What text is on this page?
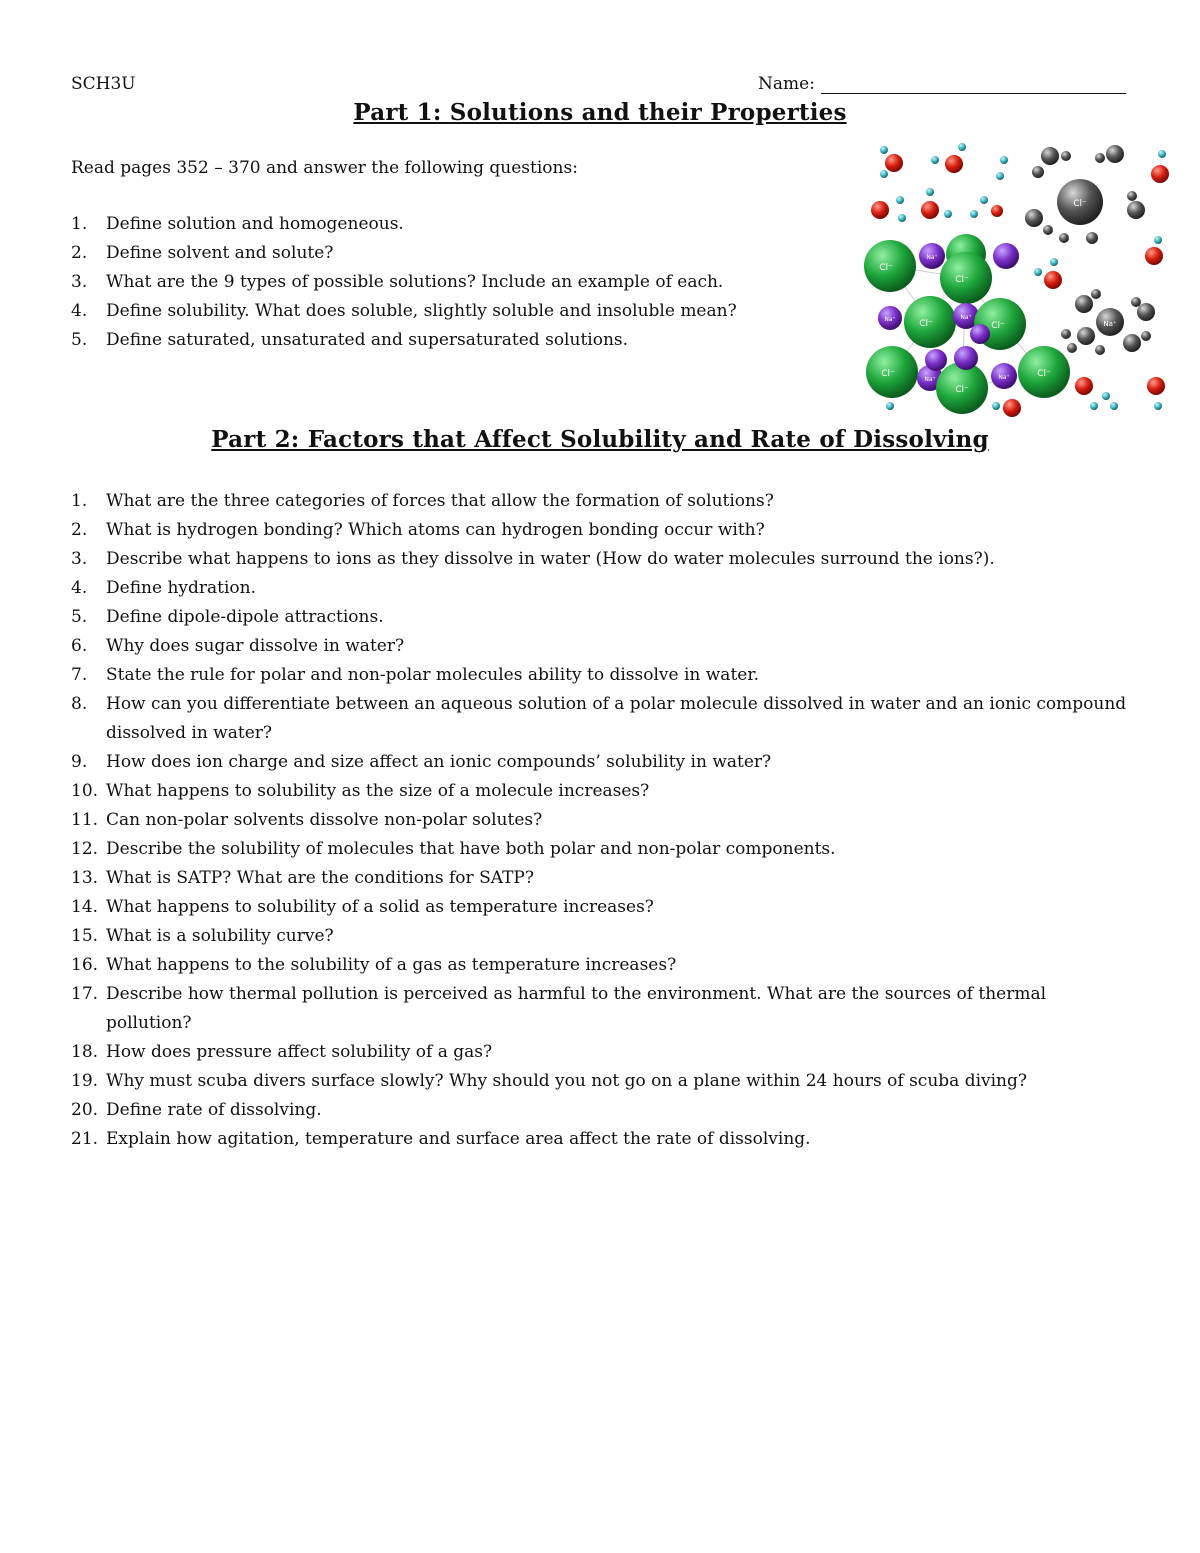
SCH3U	Name:
Part 1: Solutions and their Properties
Read pages 352 – 370 and answer the following questions:
1.	Define solution and homogeneous.
2.	Define solvent and solute?
3.	What are the 9 types of possible solutions? Include an example of each.
4.	Define solubility. What does soluble, slightly soluble and insoluble mean?
5.	Define saturated, unsaturated and supersaturated solutions.
Cl⁻
Na⁺
Cl⁻
Cl⁻
Cl⁻	Cl⁻
Cl⁻
Cl⁻
Cl⁻
Na⁺
Na⁺
Na⁺
Na⁺
Na⁺
Part 2: Factors that Affect Solubility and Rate of Dissolving
1.	What are the three categories of forces that allow the formation of solutions?
2.	What is hydrogen bonding? Which atoms can hydrogen bonding occur with?
3.	Describe what happens to ions as they dissolve in water (How do water molecules surround the ions?).
4.	Define hydration.
5.	Define dipole-dipole attractions.
6.	Why does sugar dissolve in water?
7.	State the rule for polar and non-polar molecules ability to dissolve in water.
8.	How can you differentiate between an aqueous solution of a polar molecule dissolved in water and an ionic compound dissolved in water?
9.	How does ion charge and size affect an ionic compounds’ solubility in water?
10. What happens to solubility as the size of a molecule increases?
11. Can non-polar solvents dissolve non-polar solutes?
12. Describe the solubility of molecules that have both polar and non-polar components.
13. What is SATP? What are the conditions for SATP?
14. What happens to solubility of a solid as temperature increases?
15. What is a solubility curve?
16. What happens to the solubility of a gas as temperature increases?
17. Describe how thermal pollution is perceived as harmful to the environment. What are the sources of thermal pollution?
18. How does pressure affect solubility of a gas?
19. Why must scuba divers surface slowly? Why should you not go on a plane within 24 hours of scuba diving?
20. Define rate of dissolving.
21. Explain how agitation, temperature and surface area affect the rate of dissolving.
